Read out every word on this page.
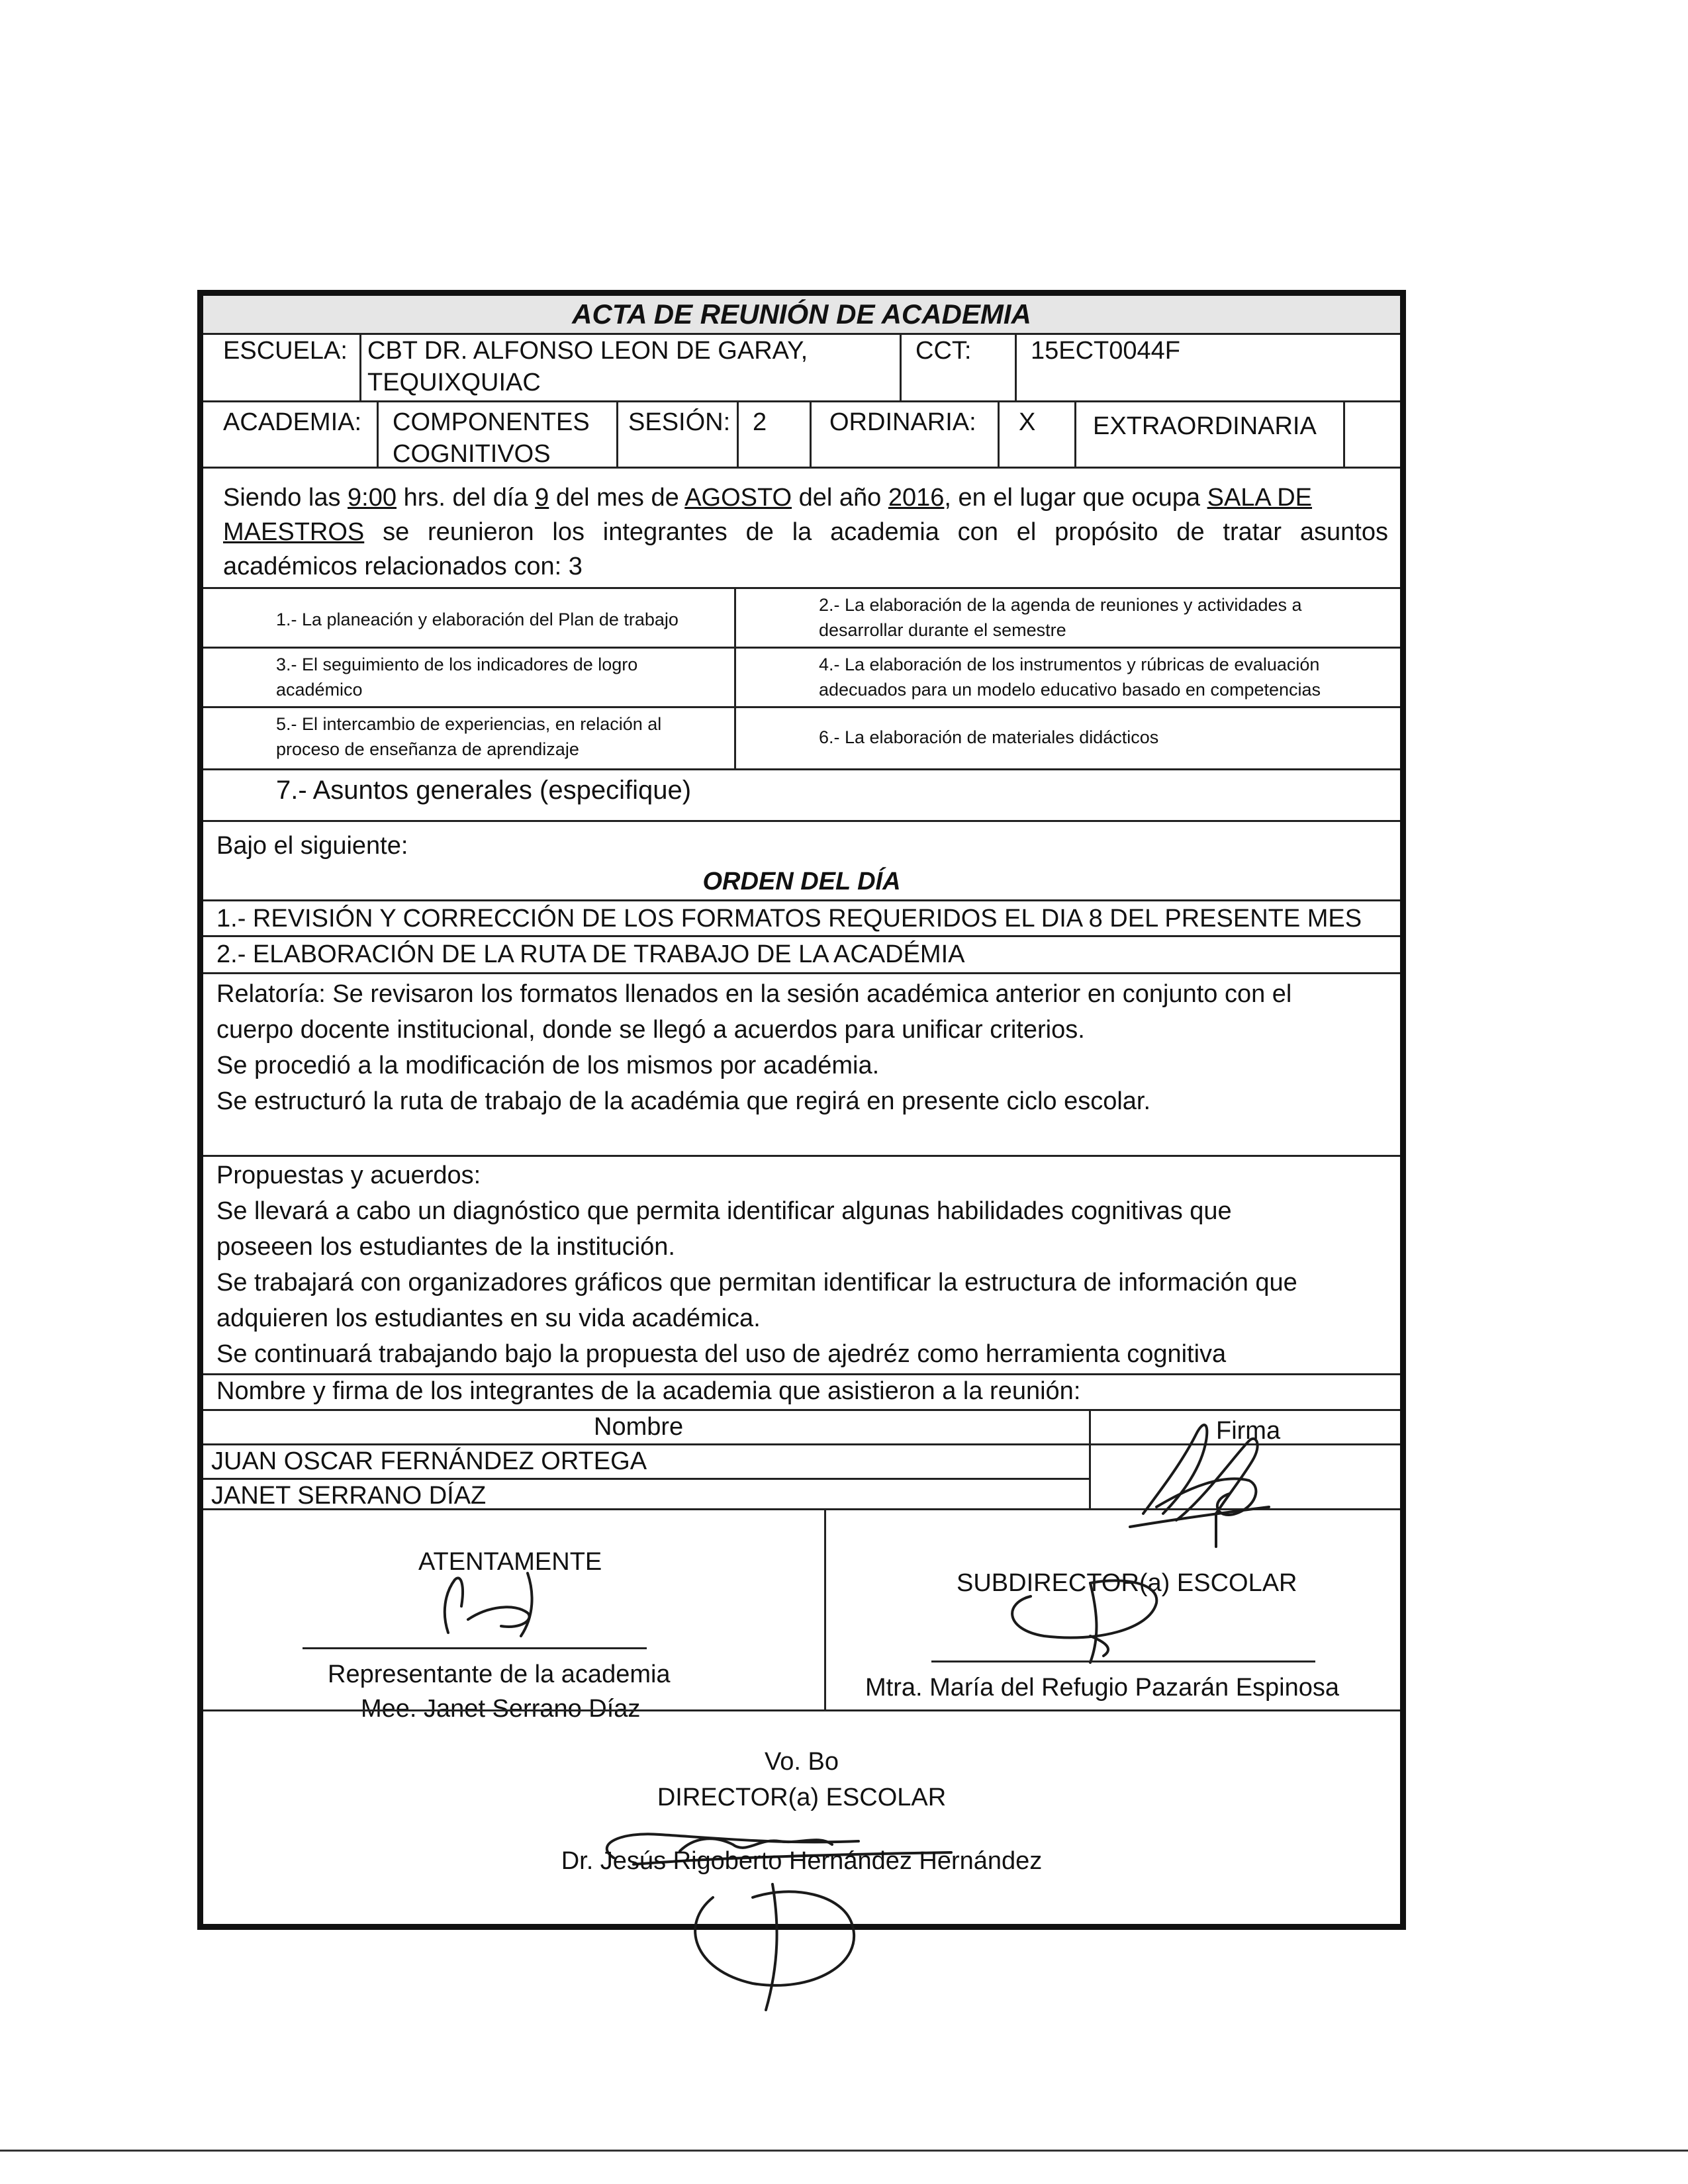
ACTA DE REUNIÓN DE ACADEMIA
ESCUELA: CBT DR. ALFONSO LEON DE GARAY,
TEQUIXQUIAC
CCT: 15ECT0044F
ACADEMIA: COMPONENTES
COGNITIVOS
SESIÓN: 2 ORDINARIA: X EXTRAORDINARIA
Siendo las 9:00 hrs. del día 9 del mes de AGOSTO del año 2016, en el lugar que ocupa SALA DE
MAESTROS se reunieron los integrantes de la academia con el propósito de tratar asuntos
académicos relacionados con: 3
1.- La planeación y elaboración del Plan de trabajo
2.- La elaboración de la agenda de reuniones y actividades a desarrollar durante el semestre
3.- El seguimiento de los indicadores de logro académico
4.- La elaboración de los instrumentos y rúbricas de evaluación adecuados para un modelo educativo basado en competencias
5.- El intercambio de experiencias, en relación al proceso de enseñanza de aprendizaje
6.- La elaboración de materiales didácticos
7.- Asuntos generales (especifique)
Bajo el siguiente:
ORDEN DEL DÍA
1.- REVISIÓN Y CORRECCIÓN DE LOS FORMATOS REQUERIDOS EL DIA 8 DEL PRESENTE MES
2.- ELABORACIÓN DE LA RUTA DE TRABAJO DE LA ACADÉMIA
Relatoría: Se revisaron los formatos llenados en la sesión académica anterior en conjunto con el
cuerpo docente institucional, donde se llegó a acuerdos para unificar criterios.
Se procedió a la modificación de los mismos por académia.
Se estructuró la ruta de trabajo de la académia que regirá en presente ciclo escolar.
Propuestas y acuerdos:
Se llevará a cabo un diagnóstico que permita identificar algunas habilidades cognitivas que
poseeen los estudiantes de la institución.
Se trabajará con organizadores gráficos que permitan identificar la estructura de información que
adquieren los estudiantes en su vida académica.
Se continuará trabajando bajo la propuesta del uso de ajedréz como herramienta cognitiva
Nombre y firma de los integrantes de la academia que asistieron a la reunión:
Nombre	Firma
JUAN OSCAR FERNÁNDEZ ORTEGA
JANET SERRANO DÍAZ
ATENTAMENTE
Representante de la academia
Mee. Janet Serrano Díaz
SUBDIRECTOR(a) ESCOLAR
Mtra. María del Refugio Pazarán Espinosa
Vo. Bo
DIRECTOR(a) ESCOLAR
Dr. Jesús Rigoberto Hernández Hernández
